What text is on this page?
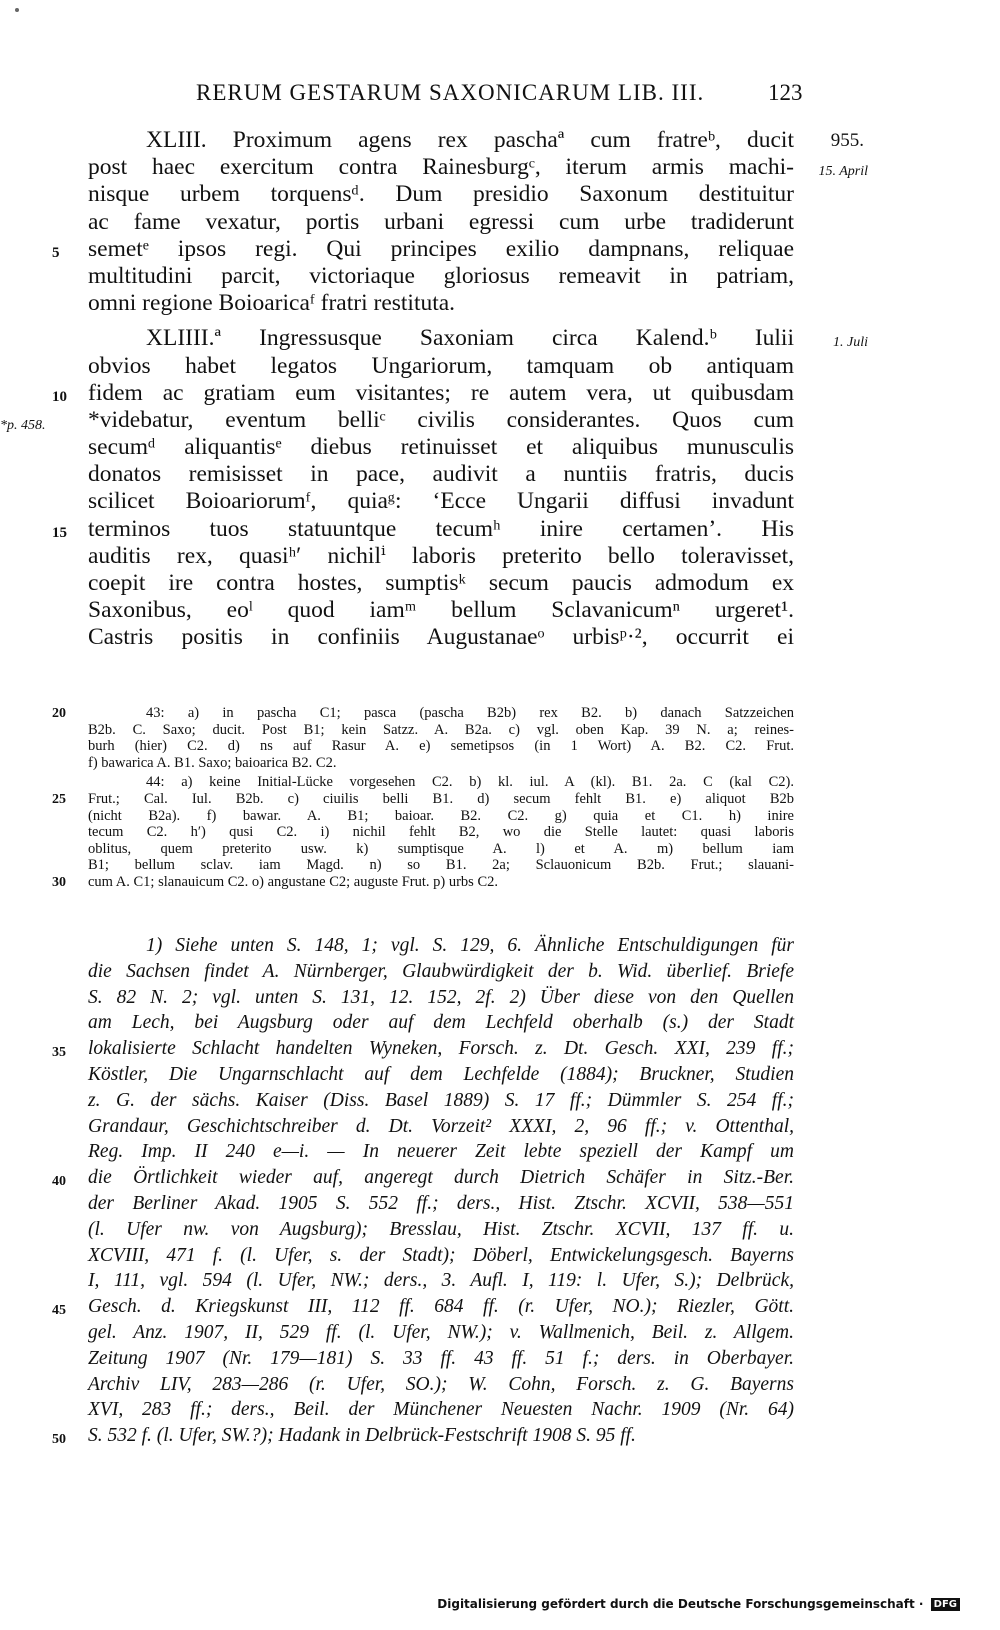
RERUM GESTARUM SAXONICARUM LIB. III.	123
XLIII. Proximum agens rex paschaª cum fratreᵇ, ducit 955.
post haec exercitum contra Rainesburgᶜ, iterum armis machi- 15. April
nisque urbem torquensᵈ. Dum presidio Saxonum destituitur
ac fame vexatur, portis urbani egressi cum urbe tradiderunt
semetᵉ ipsos regi. Qui principes exilio dampnans, reliquae
5
multitudini parcit, victoriaque gloriosus remeavit in patriam,
omni regione Boioaricaᶠ fratri restituta.
XLIIII.ª Ingressusque Saxoniam circa Kalend.ᵇ Iulii	1. Juli
obvios habet legatos Ungariorum, tamquam ob antiquam
fidem ac gratiam eum visitantes; re autem vera, ut quibusdam
10
*videbatur, eventum belliᶜ civilis considerantes. Quos cum
*p. 458.
secumᵈ aliquantisᵉ diebus retinuisset et aliquibus munusculis
donatos remisisset in pace, audivit a nuntiis fratris, ducis
scilicet Boioariorumᶠ, quiaᵍ: ‘Ecce Ungarii diffusi invadunt
terminos tuos statuuntque tecumʰ inire certamen’. His
15
auditis rex, quasiʰ′ nichilⁱ laboris preterito bello toleravisset,
coepit ire contra hostes, sumptisᵏ secum paucis admodum ex
Saxonibus, eoˡ quod iamᵐ bellum Sclavanicumⁿ urgeret¹.
Castris positis in confiniis Augustanaeᵒ urbisᵖ·², occurrit ei
43: a) in pascha C1; pasca (pascha B2b) rex B2. b) danach Satzzeichen
20
B2b. C. Saxo; ducit. Post B1; kein Satzz. A. B2a. c) vgl. oben Kap. 39 N. a; reines-
burh (hier) C2. d) ns auf Rasur A. e) semetipsos (in 1 Wort) A. B2. C2. Frut.
f) bawarica A. B1. Saxo; baioarica B2. C2.
44: a) keine Initial-Lücke vorgesehen C2. b) kl. iul. A (kl). B1. 2a. C (kal C2).
Frut.; Cal. Iul. B2b. c) ciuilis belli B1. d) secum fehlt B1. e) aliquot B2b
25
(nicht B2a). f) bawar. A. B1; baioar. B2. C2. g) quia et C1. h) inire
tecum C2. h′) qusi C2. i) nichil fehlt B2, wo die Stelle lautet: quasi laboris
oblitus, quem preterito usw. k) sumptisque A. l) et A. m) bellum iam
B1; bellum sclav. iam Magd. n) so B1. 2a; Sclauonicum B2b. Frut.; slauani-
cum A. C1; slanauicum C2. o) angustane C2; auguste Frut. p) urbs C2.
30
1) Siehe unten S. 148, 1; vgl. S. 129, 6. Ähnliche Entschuldigungen für
die Sachsen findet A. Nürnberger, Glaubwürdigkeit der b. Wid. überlief. Briefe
S. 82 N. 2; vgl. unten S. 131, 12. 152, 2f. 2) Über diese von den Quellen
am Lech, bei Augsburg oder auf dem Lechfeld oberhalb (s.) der Stadt
lokalisierte Schlacht handelten Wyneken, Forsch. z. Dt. Gesch. XXI, 239 ff.;
35
Köstler, Die Ungarnschlacht auf dem Lechfelde (1884); Bruckner, Studien
z. G. der sächs. Kaiser (Diss. Basel 1889) S. 17 ff.; Dümmler S. 254 ff.;
Grandaur, Geschichtschreiber d. Dt. Vorzeit² XXXI, 2, 96 ff.; v. Ottenthal,
Reg. Imp. II 240 e—i. — In neuerer Zeit lebte speziell der Kampf um
die Örtlichkeit wieder auf, angeregt durch Dietrich Schäfer in Sitz.-Ber.
40
der Berliner Akad. 1905 S. 552 ff.; ders., Hist. Ztschr. XCVII, 538—551
(l. Ufer nw. von Augsburg); Bresslau, Hist. Ztschr. XCVII, 137 ff. u.
XCVIII, 471 f. (l. Ufer, s. der Stadt); Döberl, Entwickelungsgesch. Bayerns
I, 111, vgl. 594 (l. Ufer, NW.; ders., 3. Aufl. I, 119: l. Ufer, S.); Delbrück,
Gesch. d. Kriegskunst III, 112 ff. 684 ff. (r. Ufer, NO.); Riezler, Gött.
45
gel. Anz. 1907, II, 529 ff. (l. Ufer, NW.); v. Wallmenich, Beil. z. Allgem.
Zeitung 1907 (Nr. 179—181) S. 33 ff. 43 ff. 51 f.; ders. in Oberbayer.
Archiv LIV, 283—286 (r. Ufer, SO.); W. Cohn, Forsch. z. G. Bayerns
XVI, 283 ff.; ders., Beil. der Münchener Neuesten Nachr. 1909 (Nr. 64)
S. 532 f. (l. Ufer, SW.?); Hadank in Delbrück-Festschrift 1908 S. 95 ff.
50
Digitalisierung gefördert durch die Deutsche Forschungsgemeinschaft · DFG
